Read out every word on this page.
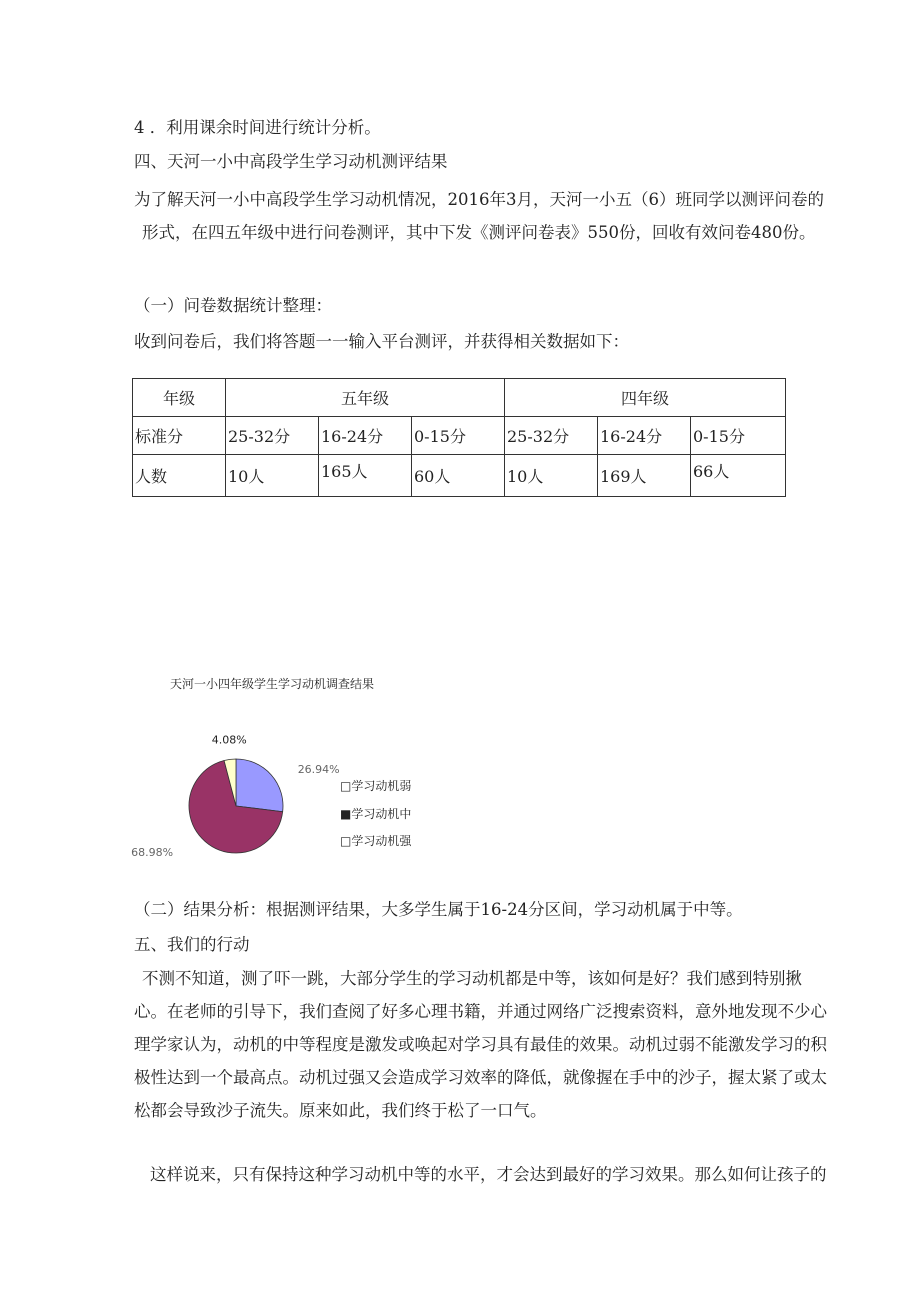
4 ．利用课余时间进行统计分析。

四、天河一小中高段学生学习动机测评结果

为了解天河一小中高段学生学习动机情况，2016年3月，天河一小五（6）班同学以测评问卷的形式，在四五年级中进行问卷测评，其中下发《测评问卷表》550份，回收有效问卷480份。

（一）问卷数据统计整理：

收到问卷后，我们将答题一一输入平台测评，并获得相关数据如下：

年级	五年级			四年级		
标准分	25-32分	16-24分	0-15分	25-32分	16-24分	0-15分
人数	10人	165人	60人	10人	169人	66人
天河一小四年级学生学习动机调查结果
26.94%
68.98%
4.08%
□学习动机弱
■学习动机中
□学习动机强

（二）结果分析：根据测评结果，大多学生属于16-24分区间，学习动机属于中等。

五、我们的行动

不测不知道，测了吓一跳，大部分学生的学习动机都是中等，该如何是好？我们感到特别揪心。在老师的引导下，我们查阅了好多心理书籍，并通过网络广泛搜索资料，意外地发现不少心理学家认为，动机的中等程度是激发或唤起对学习具有最佳的效果。动机过弱不能激发学习的积极性达到一个最高点。动机过强又会造成学习效率的降低，就像握在手中的沙子，握太紧了或太松都会导致沙子流失。原来如此，我们终于松了一口气。

这样说来，只有保持这种学习动机中等的水平，才会达到最好的学习效果。那么如何让孩子的
